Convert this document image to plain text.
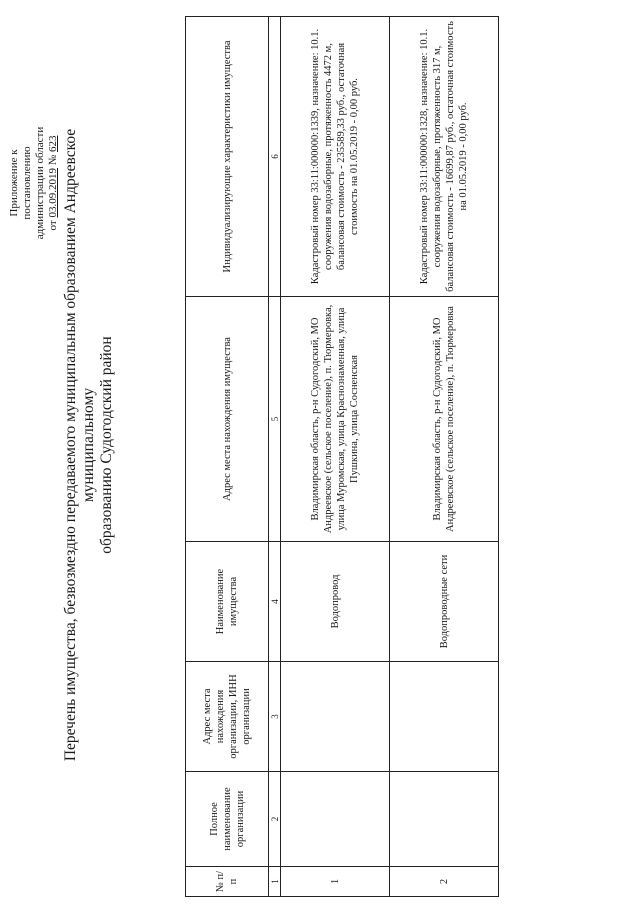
Приложение к постановлению администрации области от 03.09.2019 № 623 Перечень имущества, безвозмездно передаваемого муниципальным образованием Андреевское муниципальному образованию Судогодский район
№ п/п	Полное наименование организации	Адрес места нахождения организации, ИНН организации	Наименование имущества	Адрес места нахождения имущества	Индивидуализирующие характеристики имущества
1	2	3	4	5	6
1			Водопровод	Владимирская область, р-н Судогодский, МО Андреевское (сельское поселение), п. Тюрмеровка, улица Муромская, улица Краснознаменная, улица Пушкина, улица Сосненская	Кадастровый номер 33:11:000000:1339, назначение: 10.1. сооружения водозаборные, протяженность 4472 м, балансовая стоимость - 235589,33 руб., остаточная стоимость на 01.05.2019 - 0,00 руб.
2			Водопроводные сети	Владимирская область, р-н Судогодский, МО Андреевское (сельское поселение), п. Тюрмеровка	Кадастровый номер 33:11:000000:1328, назначение: 10.1. сооружения водозаборные, протяженность 317 м, балансовая стоимость - 16699,87 руб., остаточная стоимость на 01.05.2019 - 0,00 руб.
